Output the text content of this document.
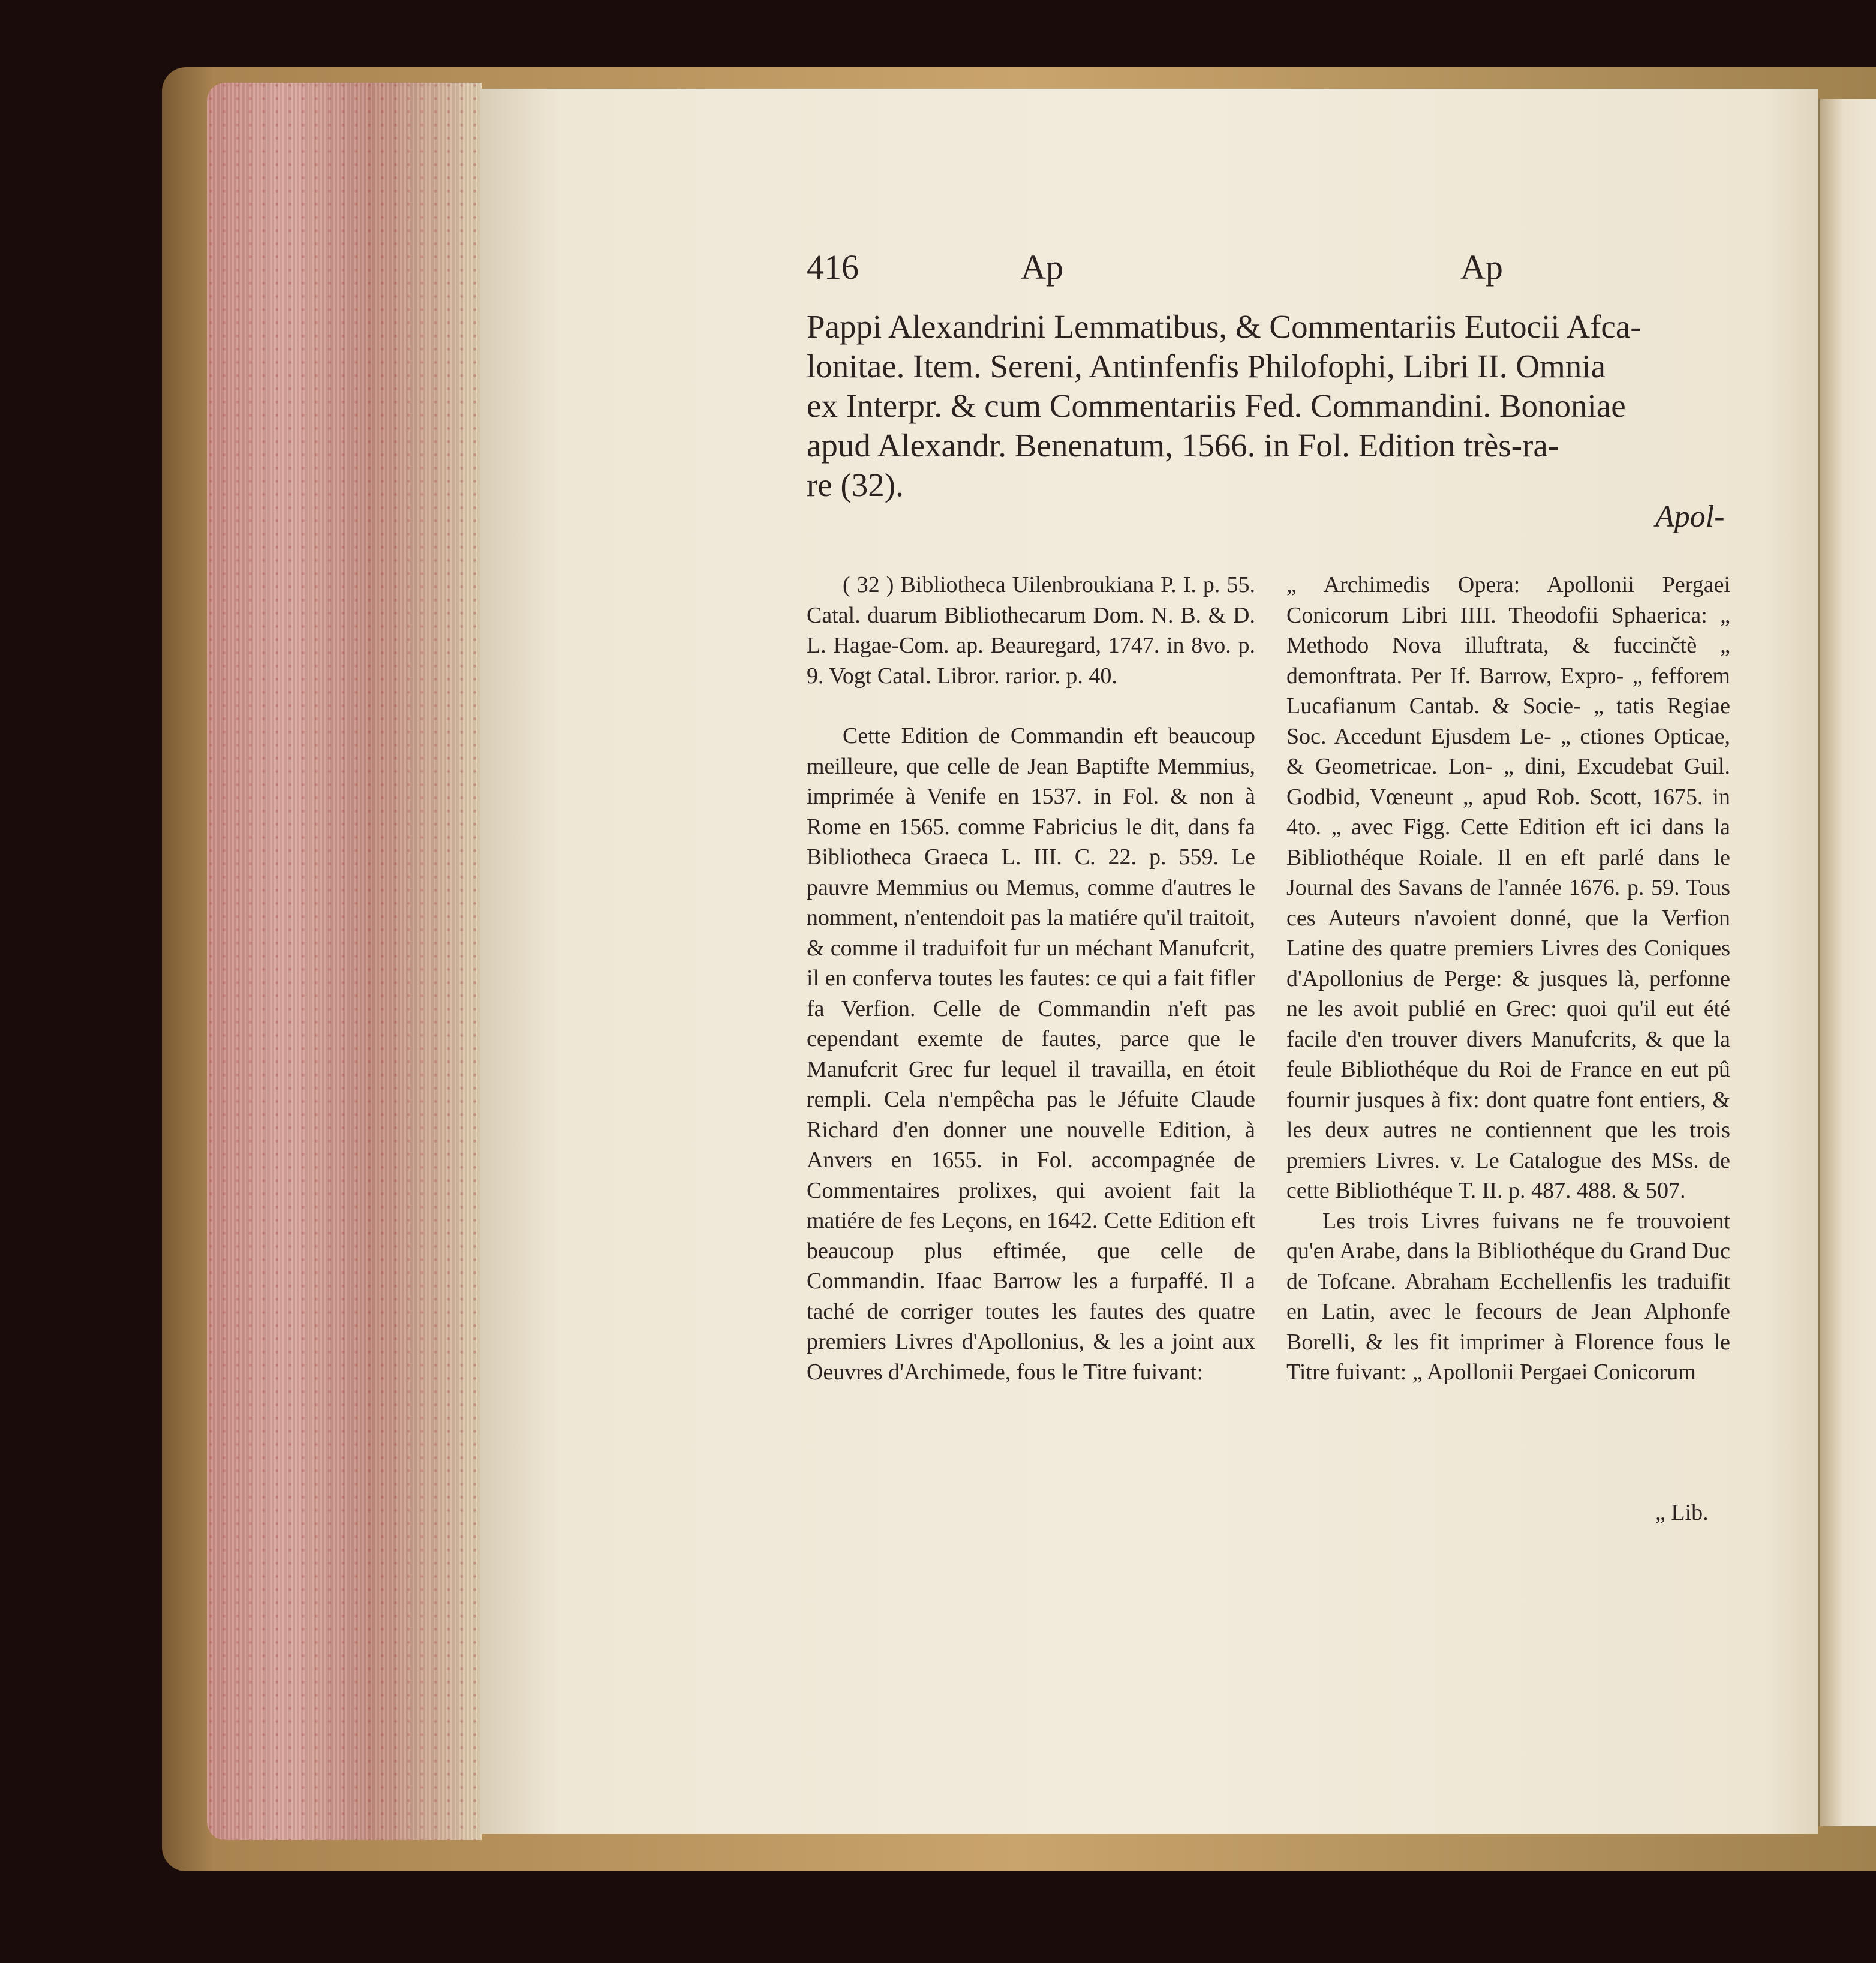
416	Ap	Ap
Pappi Alexandrini Lemmatibus, & Commentariis Eutocii Afca-
lonitae. Item. Sereni, Antinfenfis Philofophi, Libri II. Omnia
ex Interpr. & cum Commentariis Fed. Commandini. Bononiae
apud Alexandr. Benenatum, 1566. in Fol. Edition très-ra-
re (32).
Apol-

( 32 ) Bibliotheca Uilenbroukiana P. I. p. 55. Catal. duarum Bibliothecarum Dom. N. B. & D. L. Hagae-Com. ap. Beauregard, 1747. in 8vo. p. 9. Vogt Catal. Libror. rarior. p. 40.

Cette Edition de Commandin eft beaucoup meilleure, que celle de Jean Baptifte Memmius, imprimée à Venife en 1537. in Fol. & non à Rome en 1565. comme Fabricius le dit, dans fa Bibliotheca Graeca L. III. C. 22. p. 559. Le pauvre Memmius ou Memus, comme d'autres le nomment, n'entendoit pas la matiére qu'il traitoit, & comme il traduifoit fur un méchant Manufcrit, il en conferva toutes les fautes: ce qui a fait fifler fa Verfion. Celle de Commandin n'eft pas cependant exemte de fautes, parce que le Manufcrit Grec fur lequel il travailla, en étoit rempli. Cela n'empêcha pas le Jéfuite Claude Richard d'en donner une nouvelle Edition, à Anvers en 1655. in Fol. accompagnée de Commentaires prolixes, qui avoient fait la matiére de fes Leçons, en 1642. Cette Edition eft beaucoup plus eftimée, que celle de Commandin. Ifaac Barrow les a furpaffé. Il a taché de corriger toutes les fautes des quatre premiers Livres d'Apollonius, & les a joint aux Oeuvres d'Archimede, fous le Titre fuivant:

„ Archimedis Opera: Apollonii Pergaei Conicorum Libri IIII. Theodofii Sphaerica: „ Methodo Nova illuftrata, & fuccinčtè „ demonftrata. Per If. Barrow, Expro- „ fefforem Lucafianum Cantab. & Socie- „ tatis Regiae Soc. Accedunt Ejusdem Le- „ ctiones Opticae, & Geometricae. Lon- „ dini, Excudebat Guil. Godbid, Vœneunt „ apud Rob. Scott, 1675. in 4to. „ avec Figg. Cette Edition eft ici dans la Bibliothéque Roiale. Il en eft parlé dans le Journal des Savans de l'année 1676. p. 59. Tous ces Auteurs n'avoient donné, que la Verfion Latine des quatre premiers Livres des Coniques d'Apollonius de Perge: & jusques là, perfonne ne les avoit publié en Grec: quoi qu'il eut été facile d'en trouver divers Manufcrits, & que la feule Bibliothéque du Roi de France en eut pû fournir jusques à fix: dont quatre font entiers, & les deux autres ne contiennent que les trois premiers Livres. v. Le Catalogue des MSs. de cette Bibliothéque T. II. p. 487. 488. & 507.

Les trois Livres fuivans ne fe trouvoient qu'en Arabe, dans la Bibliothéque du Grand Duc de Tofcane. Abraham Ecchellenfis les traduifit en Latin, avec le fecours de Jean Alphonfe Borelli, & les fit imprimer à Florence fous le Titre fuivant: „ Apollonii Pergaei Conicorum

„ Lib.
